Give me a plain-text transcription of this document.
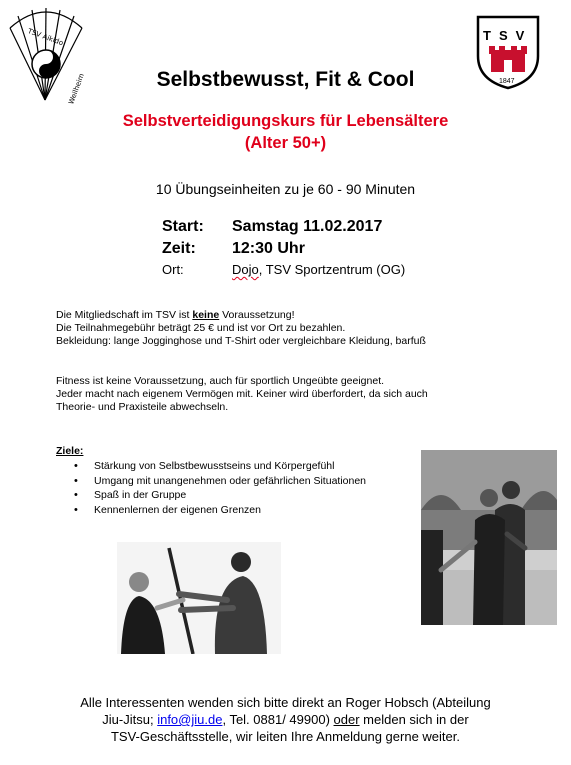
武
道
TSV Aikido
Weilheim
TSV
1847
Selbstbewusst, Fit & Cool
Selbstverteidigungskurs für Lebensältere
(Alter 50+)
10 Übungseinheiten zu je 60 - 90 Minuten
Start: Samstag 11.02.2017
Zeit: 12:30 Uhr
Ort:	Dojo, TSV Sportzentrum (OG)
Die Mitgliedschaft im TSV ist keine Voraussetzung!
Die Teilnahmegebühr beträgt 25 € und ist vor Ort zu bezahlen.
Bekleidung: lange Jogginghose und T-Shirt oder vergleichbare Kleidung, barfuß
Fitness ist keine Voraussetzung, auch für sportlich Ungeübte geeignet.
Jeder macht nach eigenem Vermögen mit. Keiner wird überfordert, da sich auch
Theorie- und Praxisteile abwechseln.
Ziele:
• Stärkung von Selbstbewusstseins und Körpergefühl
• Umgang mit unangenehmen oder gefährlichen Situationen
• Spaß in der Gruppe
• Kennenlernen der eigenen Grenzen
Alle Interessenten wenden sich bitte direkt an Roger Hobsch (Abteilung
Jiu-Jitsu; info@jiu.de, Tel. 0881/ 49900) oder melden sich in der
TSV-Geschäftsstelle, wir leiten Ihre Anmeldung gerne weiter.
